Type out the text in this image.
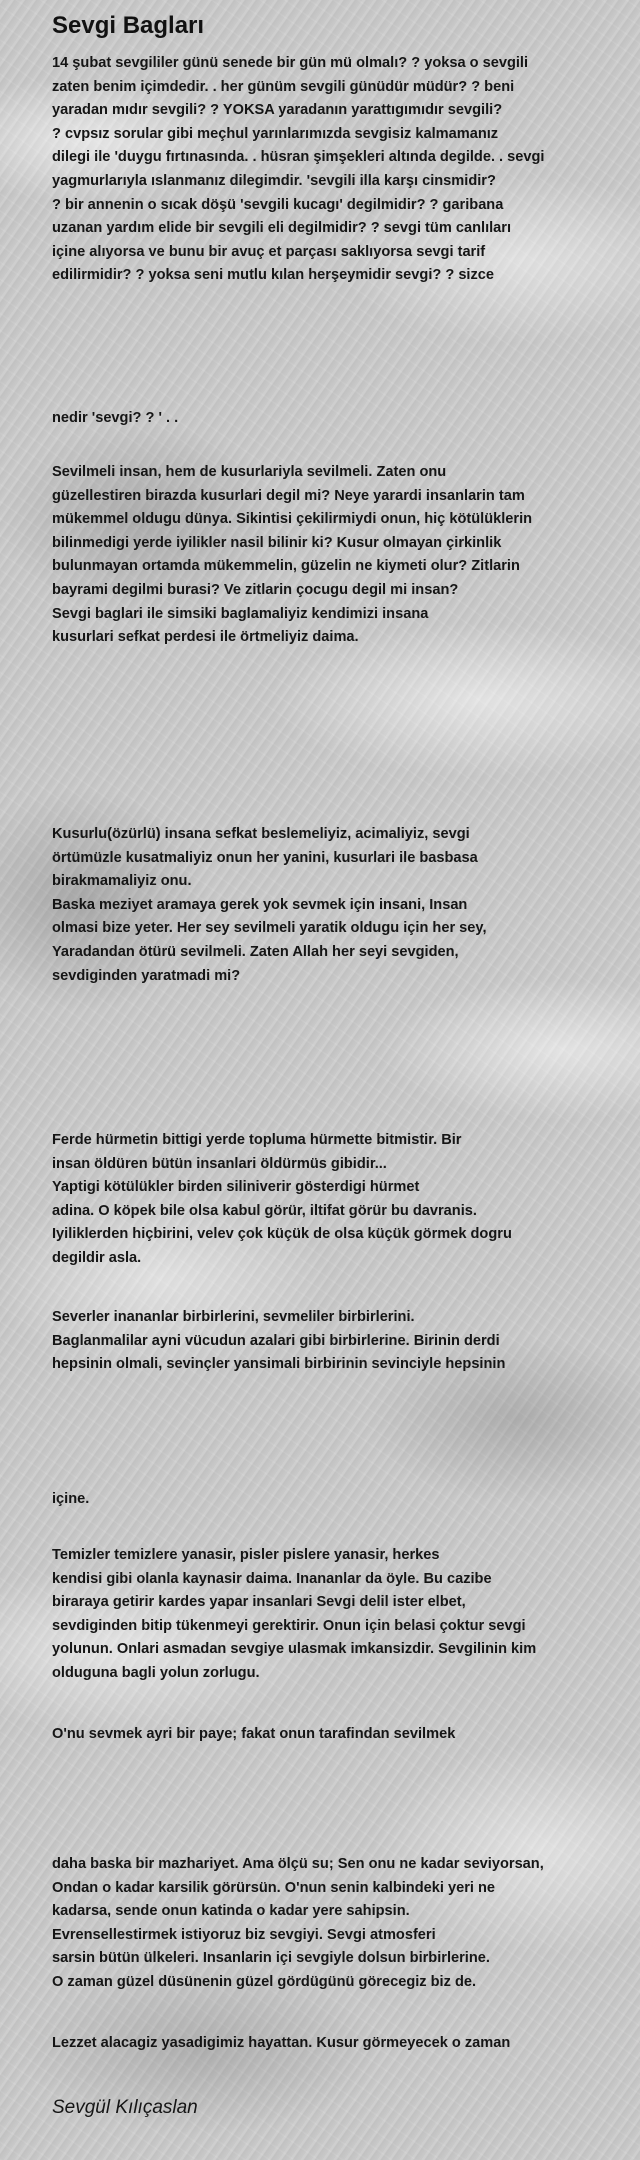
Sevgi Bagları
14 şubat sevgililer günü senede bir gün mü olmalı? ? yoksa o sevgili
zaten benim içimdedir. . her günüm sevgili günüdür müdür? ? beni
yaradan mıdır sevgili? ? YOKSA yaradanın yarattıgımıdır sevgili?
? cvpsız sorular gibi meçhul yarınlarımızda sevgisiz kalmamanız
dilegi ile 'duygu fırtınasında. . hüsran şimşekleri altında degilde. . sevgi
yagmurlarıyla ıslanmanız dilegimdir. 'sevgili illa karşı cinsmidir?
? bir annenin o sıcak döşü 'sevgili kucagı' degilmidir? ? garibana
uzanan yardım elide bir sevgili eli degilmidir? ? sevgi tüm canlıları
içine alıyorsa ve bunu bir avuç et parçası saklıyorsa sevgi tarif
edilirmidir? ? yoksa seni mutlu kılan herşeymidir sevgi? ? sizce
nedir 'sevgi? ? ' . .
Sevilmeli insan, hem de kusurlariyla sevilmeli. Zaten onu
güzellestiren birazda kusurlari degil mi? Neye yarardi insanlarin tam
mükemmel oldugu dünya. Sikintisi çekilirmiydi onun, hiç kötülüklerin
bilinmedigi yerde iyilikler nasil bilinir ki? Kusur olmayan çirkinlik
bulunmayan ortamda mükemmelin, güzelin ne kiymeti olur? Zitlarin
bayrami degilmi burasi? Ve zitlarin çocugu degil mi insan?
Sevgi baglari ile simsiki baglamaliyiz kendimizi insana
kusurlari sefkat perdesi ile örtmeliyiz daima.
Kusurlu(özürlü) insana sefkat beslemeliyiz, acimaliyiz, sevgi
örtümüzle kusatmaliyiz onun her yanini, kusurlari ile basbasa
birakmamaliyiz onu.
Baska meziyet aramaya gerek yok sevmek için insani, Insan
olmasi bize yeter. Her sey sevilmeli yaratik oldugu için her sey,
Yaradandan ötürü sevilmeli. Zaten Allah her seyi sevgiden,
sevdiginden yaratmadi mi?
Ferde hürmetin bittigi yerde topluma hürmette bitmistir. Bir
insan öldüren bütün insanlari öldürmüs gibidir...
Yaptigi kötülükler birden siliniverir gösterdigi hürmet
adina. O köpek bile olsa kabul görür, iltifat görür bu davranis.
Iyiliklerden hiçbirini, velev çok küçük de olsa küçük görmek dogru
degildir asla.
Severler inananlar birbirlerini, sevmeliler birbirlerini.
Baglanmalilar ayni vücudun azalari gibi birbirlerine. Birinin derdi
hepsinin olmali, sevinçler yansimali birbirinin sevinciyle hepsinin
içine.
Temizler temizlere yanasir, pisler pislere yanasir, herkes
kendisi gibi olanla kaynasir daima. Inananlar da öyle. Bu cazibe
biraraya getirir kardes yapar insanlari Sevgi delil ister elbet,
sevdiginden bitip tükenmeyi gerektirir. Onun için belasi çoktur sevgi
yolunun. Onlari asmadan sevgiye ulasmak imkansizdir. Sevgilinin kim
olduguna bagli yolun zorlugu.
O'nu sevmek ayri bir paye; fakat onun tarafindan sevilmek
daha baska bir mazhariyet. Ama ölçü su; Sen onu ne kadar seviyorsan,
Ondan o kadar karsilik görürsün. O'nun senin kalbindeki yeri ne
kadarsa, sende onun katinda o kadar yere sahipsin.
Evrensellestirmek istiyoruz biz sevgiyi. Sevgi atmosferi
sarsin bütün ülkeleri. Insanlarin içi sevgiyle dolsun birbirlerine.
O zaman güzel düsünenin güzel gördügünü görecegiz biz de.
Lezzet alacagiz yasadigimiz hayattan. Kusur görmeyecek o zaman
Sevgül Kılıçaslan
